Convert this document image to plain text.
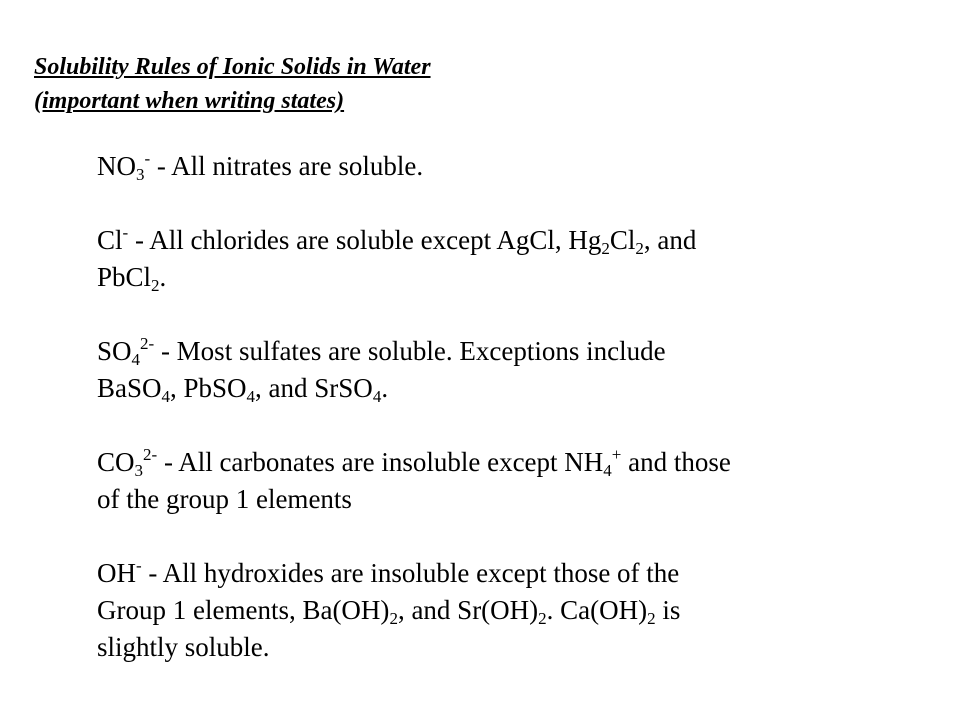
Solubility Rules of Ionic Solids in Water
(important when writing states)
$NO_3^-$ - All nitrates are soluble.
Cl- - All chlorides are soluble except AgCl, $Hg_2Cl_2$, and
PbCl$_2$.
$SO_4^{2-}$ - Most sulfates are soluble. Exceptions include
BaSO$_4$, PbSO$_4$, and SrSO$_4$.
$CO_3^{2-}$ - All carbonates are insoluble except $NH_4^+$ and those
of the group 1 elements
OH- - All hydroxides are insoluble except those of the
Group 1 elements, $Ba(OH)_2$, and $Sr(OH)_2$. $Ca(OH)_2$ is
slightly soluble.
